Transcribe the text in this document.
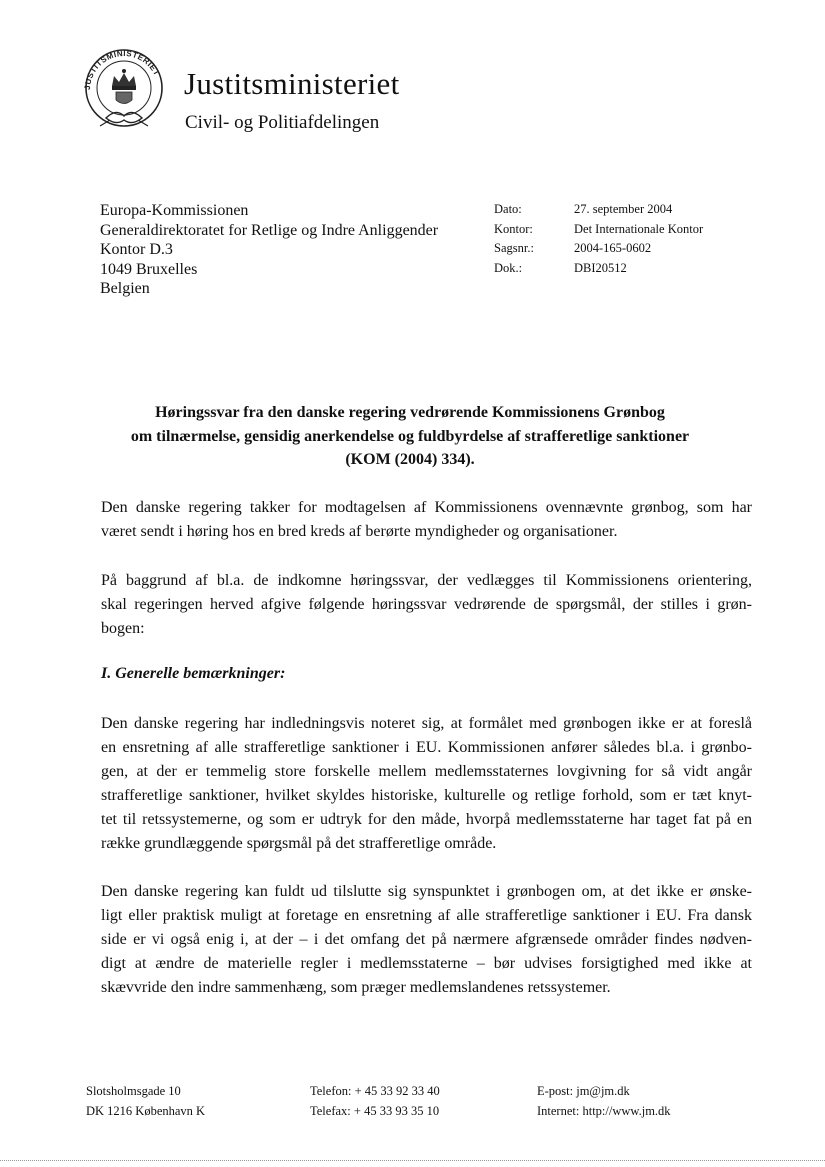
JUSTITSMINISTERIET Justitsministeriet
Civil- og Politiafdelingen
Europa-Kommissionen
Generaldirektoratet for Retlige og Indre Anliggender
Kontor D.3
1049 Bruxelles
Belgien
Dato:	27. september 2004
Kontor:	Det Internationale Kontor
Sagsnr.:	2004-165-0602
Dok.:	DBI20512
Høringssvar fra den danske regering vedrørende Kommissionens Grønbog
om tilnærmelse, gensidig anerkendelse og fuldbyrdelse af strafferetlige sanktioner
(KOM (2004) 334).
Den danske regering takker for modtagelsen af Kommissionens ovennævnte grønbog, som har
været sendt i høring hos en bred kreds af berørte myndigheder og organisationer.
På baggrund af bl.a. de indkomne høringssvar, der vedlægges til Kommissionens orientering,
skal regeringen herved afgive følgende høringssvar vedrørende de spørgsmål, der stilles i grøn-
bogen:
I. Generelle bemærkninger:
Den danske regering har indledningsvis noteret sig, at formålet med grønbogen ikke er at foreslå
en ensretning af alle strafferetlige sanktioner i EU. Kommissionen anfører således bl.a. i grønbo-
gen, at der er temmelig store forskelle mellem medlemsstaternes lovgivning for så vidt angår
strafferetlige sanktioner, hvilket skyldes historiske, kulturelle og retlige forhold, som er tæt knyt-
tet til retssystemerne, og som er udtryk for den måde, hvorpå medlemsstaterne har taget fat på en
række grundlæggende spørgsmål på det strafferetlige område.
Den danske regering kan fuldt ud tilslutte sig synspunktet i grønbogen om, at det ikke er ønske-
ligt eller praktisk muligt at foretage en ensretning af alle strafferetlige sanktioner i EU. Fra dansk
side er vi også enig i, at der – i det omfang det på nærmere afgrænsede områder findes nødven-
digt at ændre de materielle regler i medlemsstaterne – bør udvises forsigtighed med ikke at
skævvride den indre sammenhæng, som præger medlemslandenes retssystemer.
Slotsholmsgade 10
DK 1216 København K
Telefon: + 45 33 92 33 40
Telefax: + 45 33 93 35 10
E-post: jm@jm.dk
Internet: http://www.jm.dk
